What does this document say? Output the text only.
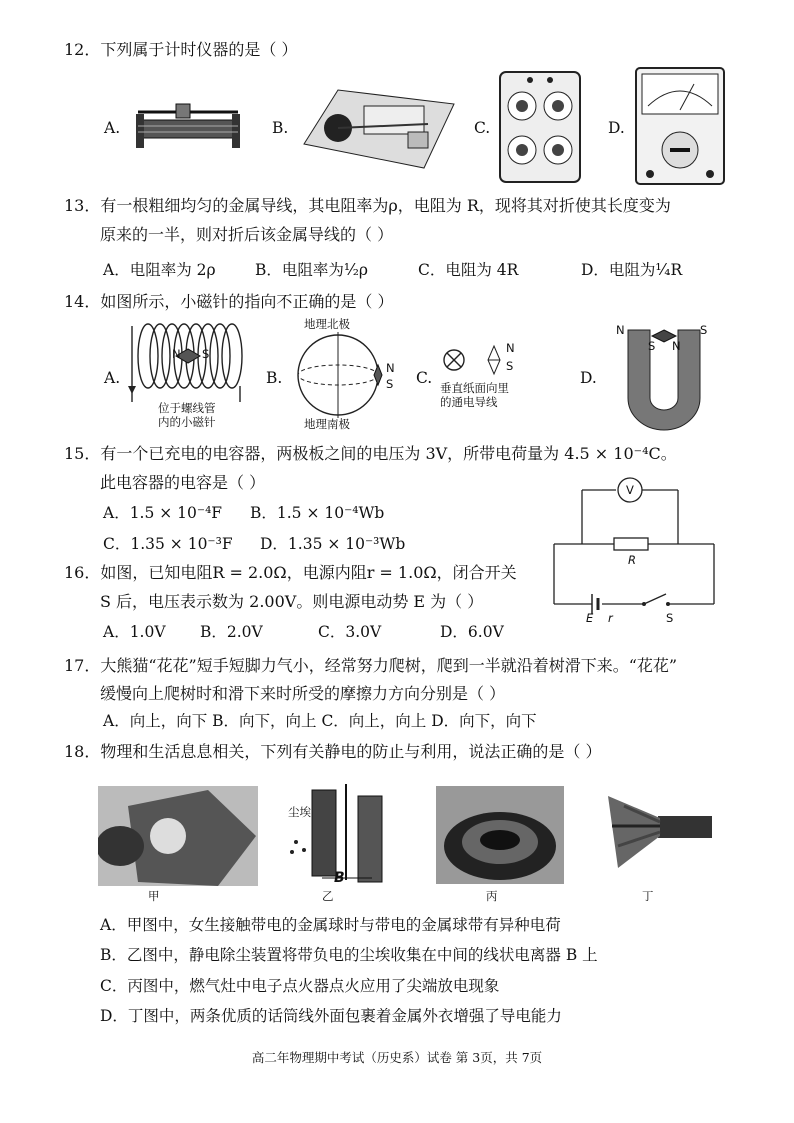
12．下列属于计时仪器的是（ ）
A.	B.	C.	D.
13．有一根粗细均匀的金属导线，其电阻率为ρ，电阻为 R，现将其对折使其长度变为
原来的一半，则对折后该金属导线的（ ）
A．电阻率为 2ρ	B．电阻率为¹⁄₂ρ	C．电阻为 4R	D．电阻为¹⁄₄R
14．如图所示，小磁针的指向不正确的是（ ）
A.
N S
位于螺线管
内的小磁针
B.
地理北极
N
S
地理南极
C.
N
S
垂直纸面向里
的通电导线
D.
N	S
S N
15．有一个已充电的电容器，两极板之间的电压为 3V，所带电荷量为 4.5 × 10⁻⁴C。
此电容器的电容是（ ）
A．1.5 × 10⁻⁴F B．1.5 × 10⁻⁴Wb
C．1.35 × 10⁻³F D．1.35 × 10⁻³Wb
V
R
E r	S
16．如图，已知电阻R = 2.0Ω，电源内阻r = 1.0Ω，闭合开关
S 后，电压表示数为 2.00V。则电源电动势 E 为（ ）
A．1.0V B．2.0V	C．3.0V	D．6.0V
17．大熊猫“花花”短手短脚力气小，经常努力爬树，爬到一半就沿着树滑下来。“花花”
缓慢向上爬树时和滑下来时所受的摩擦力方向分别是（ ）
A．向上，向下 B．向下，向上 C．向上，向上 D．向下，向下
18．物理和生活息息相关，下列有关静电的防止与利用，说法正确的是（ ）
尘埃
B
甲	乙	丙	丁
A．甲图中，女生接触带电的金属球时与带电的金属球带有异种电荷
B．乙图中，静电除尘装置将带负电的尘埃收集在中间的线状电离器 B 上
C．丙图中，燃气灶中电子点火器点火应用了尖端放电现象
D．丁图中，两条优质的话筒线外面包裹着金属外衣增强了导电能力
高二年物理期中考试（历史系）试卷 第 3页，共 7页
